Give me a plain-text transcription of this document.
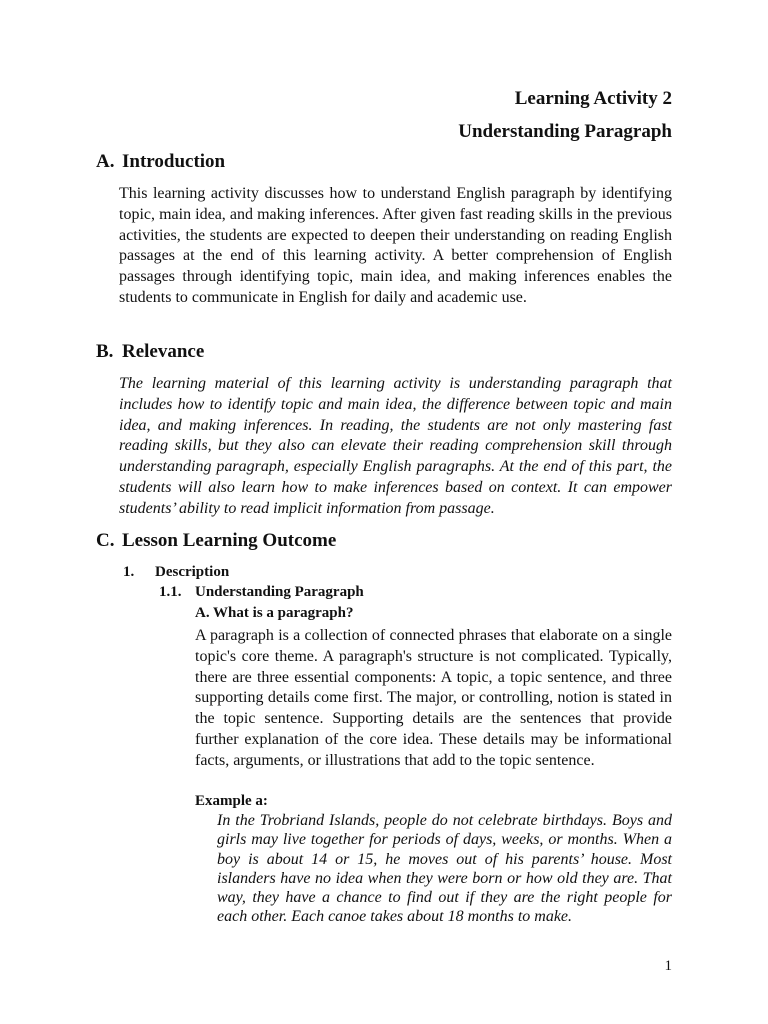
Learning Activity 2
Understanding Paragraph
A. Introduction
This learning activity discusses how to understand English paragraph by identifying topic, main idea, and making inferences. After given fast reading skills in the previous activities, the students are expected to deepen their understanding on reading English passages at the end of this learning activity. A better comprehension of English passages through identifying topic, main idea, and making inferences enables the students to communicate in English for daily and academic use.
B. Relevance
The learning material of this learning activity is understanding paragraph that includes how to identify topic and main idea, the difference between topic and main idea, and making inferences. In reading, the students are not only mastering fast reading skills, but they also can elevate their reading comprehension skill through understanding paragraph, especially English paragraphs. At the end of this part, the students will also learn how to make inferences based on context. It can empower students’ ability to read implicit information from passage.
C. Lesson Learning Outcome
1. Description
1.1. Understanding Paragraph
A. What is a paragraph?
A paragraph is a collection of connected phrases that elaborate on a single topic's core theme. A paragraph's structure is not complicated. Typically, there are three essential components: A topic, a topic sentence, and three supporting details come first. The major, or controlling, notion is stated in the topic sentence. Supporting details are the sentences that provide further explanation of the core idea. These details may be informational facts, arguments, or illustrations that add to the topic sentence.
Example a:
In the Trobriand Islands, people do not celebrate birthdays. Boys and girls may live together for periods of days, weeks, or months. When a boy is about 14 or 15, he moves out of his parents’ house. Most islanders have no idea when they were born or how old they are. That way, they have a chance to find out if they are the right people for each other. Each canoe takes about 18 months to make.
1
